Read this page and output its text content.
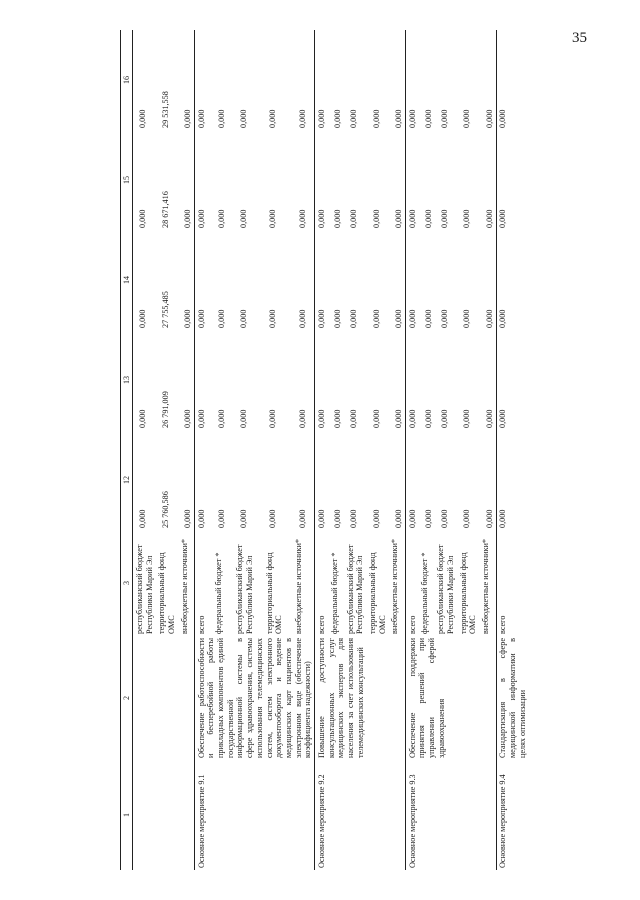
35
1	2	3	12	13	14	15	16
		республиканский бюджет Республики Марий Эл	0,000	0,000	0,000	0,000	0,000
		территориальный фонд ОМС	25 760,586	26 791,009	27 755,485	28 671,416	29 531,558
		внебюджетные источники*	0,000	0,000	0,000	0,000	0,000
Основное мероприятие 9.1	Обеспечение работоспособности и бесперебойной работы прикладных компонентов единой государственной информационной системы в сфере здравоохранения, системы использования телемедицинских систем, систем электронного документооборота и ведение медицинских карт пациентов в электронном виде (обеспечение коэффициента надежности)	всего	0,000	0,000	0,000	0,000	0,000
		федеральный бюджет *	0,000	0,000	0,000	0,000	0,000
		республиканский бюджет Республики Марий Эл	0,000	0,000	0,000	0,000	0,000
		территориальный фонд ОМС	0,000	0,000	0,000	0,000	0,000
		внебюджетные источники*	0,000	0,000	0,000	0,000	0,000
Основное мероприятие 9.2	Повышение доступности консультационных услуг медицинских экспертов для населения за счет использования телемедицинских консультаций	всего	0,000	0,000	0,000	0,000	0,000
		федеральный бюджет *	0,000	0,000	0,000	0,000	0,000
		республиканский бюджет Республики Марий Эл	0,000	0,000	0,000	0,000	0,000
		территориальный фонд ОМС	0,000	0,000	0,000	0,000	0,000
		внебюджетные источники*	0,000	0,000	0,000	0,000	0,000
Основное мероприятие 9.3	Обеспечение поддержки принятия решений при управлении сферой здравоохранения	всего	0,000	0,000	0,000	0,000	0,000
		федеральный бюджет *	0,000	0,000	0,000	0,000	0,000
		республиканский бюджет Республики Марий Эл	0,000	0,000	0,000	0,000	0,000
		территориальный фонд ОМС	0,000	0,000	0,000	0,000	0,000
		внебюджетные источники*	0,000	0,000	0,000	0,000	0,000
Основное мероприятие 9.4	Стандартизация в сфере медицинской информатики в целях оптимизации	всего	0,000	0,000	0,000	0,000	0,000
